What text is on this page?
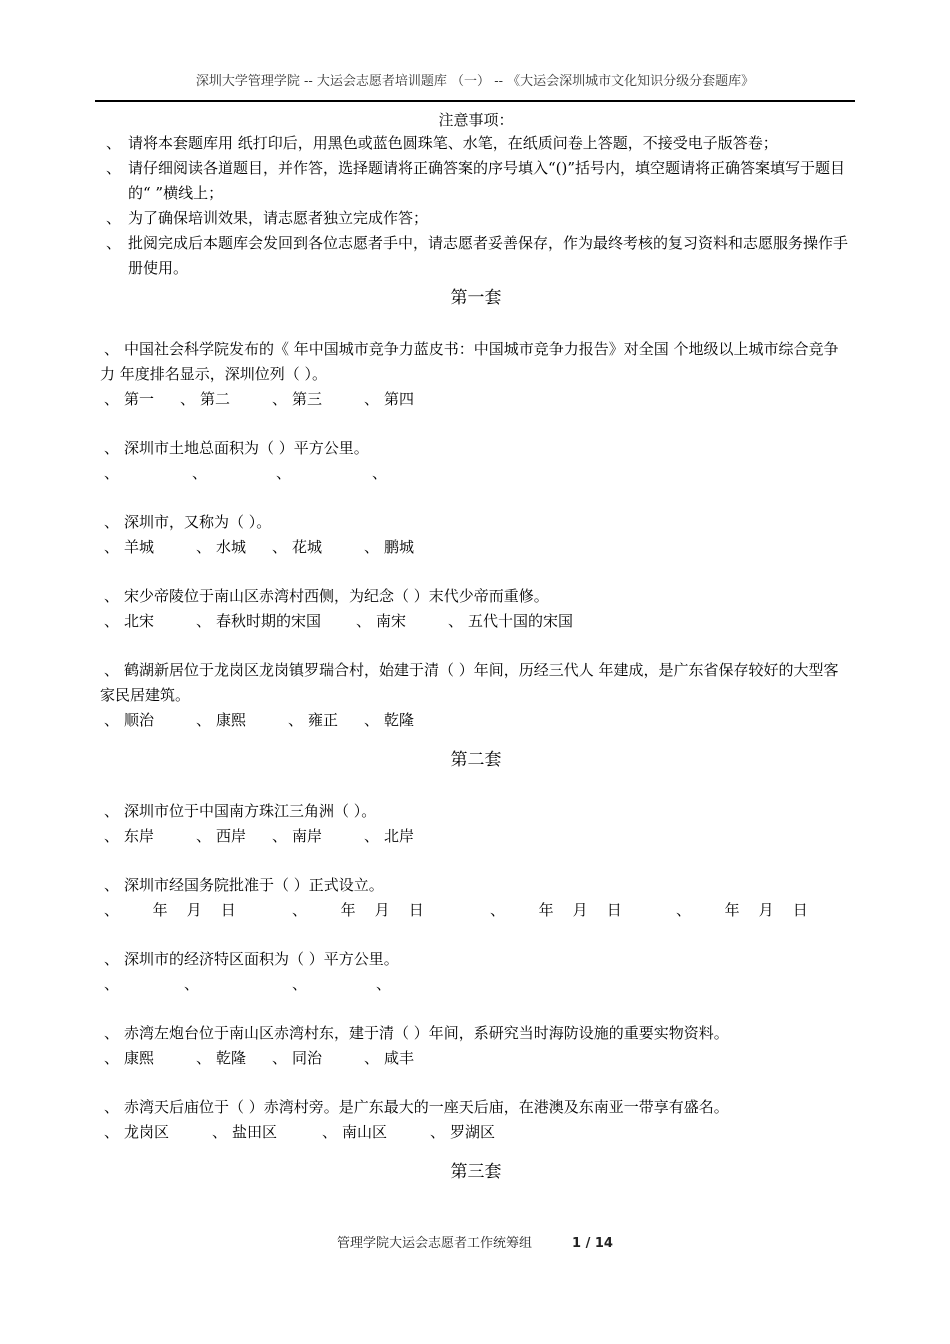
深圳大学管理学院 -- 大运会志愿者培训题库 （一） -- 《大运会深圳城市文化知识分级分套题库》
注意事项：
、 请将本套题库用 纸打印后，用黑色或蓝色圆珠笔、水笔，在纸质问卷上答题，不接受电子版答卷；
、 请仔细阅读各道题目，并作答，选择题请将正确答案的序号填入“()”括号内，填空题请将正确答案填写于题目的“ ”横线上；
、 为了确保培训效果，请志愿者独立完成作答；
、 批阅完成后本题库会发回到各位志愿者手中，请志愿者妥善保存，作为最终考核的复习资料和志愿服务操作手册使用。
第一套
、 中国社会科学院发布的《 年中国城市竞争力蓝皮书：中国城市竞争力报告》对全国 个地级以上城市综合竞争力 年度排名显示，深圳位列（ ）。
、 第一	、 第二	、 第三	、 第四
、 深圳市土地总面积为（ ）平方公里。
、	、	、	、
、 深圳市，又称为（ ）。
、 羊城	、 水城	、 花城	、 鹏城
、 宋少帝陵位于南山区赤湾村西侧，为纪念（ ）末代少帝而重修。
、 北宋	、 春秋时期的宋国	、 南宋	、 五代十国的宋国
、 鹤湖新居位于龙岗区龙岗镇罗瑞合村，始建于清（ ）年间，历经三代人 年建成，是广东省保存较好的大型客家民居建筑。
、 顺治	、 康熙	、 雍正	、 乾隆
第二套
、 深圳市位于中国南方珠江三角洲（ ）。
、 东岸	、 西岸	、 南岸	、 北岸
、 深圳市经国务院批准于（ ）正式设立。
、      年    月    日	、      年    月    日	、      年    月    日	、      年    月    日
、 深圳市的经济特区面积为（ ）平方公里。
、	、	、	、
、 赤湾左炮台位于南山区赤湾村东，建于清（ ）年间，系研究当时海防设施的重要实物资料。
、 康熙	、 乾隆	、 同治	、 咸丰
、 赤湾天后庙位于（ ）赤湾村旁。是广东最大的一座天后庙，在港澳及东南亚一带享有盛名。
、 龙岗区	、 盐田区	、 南山区	、 罗湖区
第三套
管理学院大运会志愿者工作统筹组	1 / 14
